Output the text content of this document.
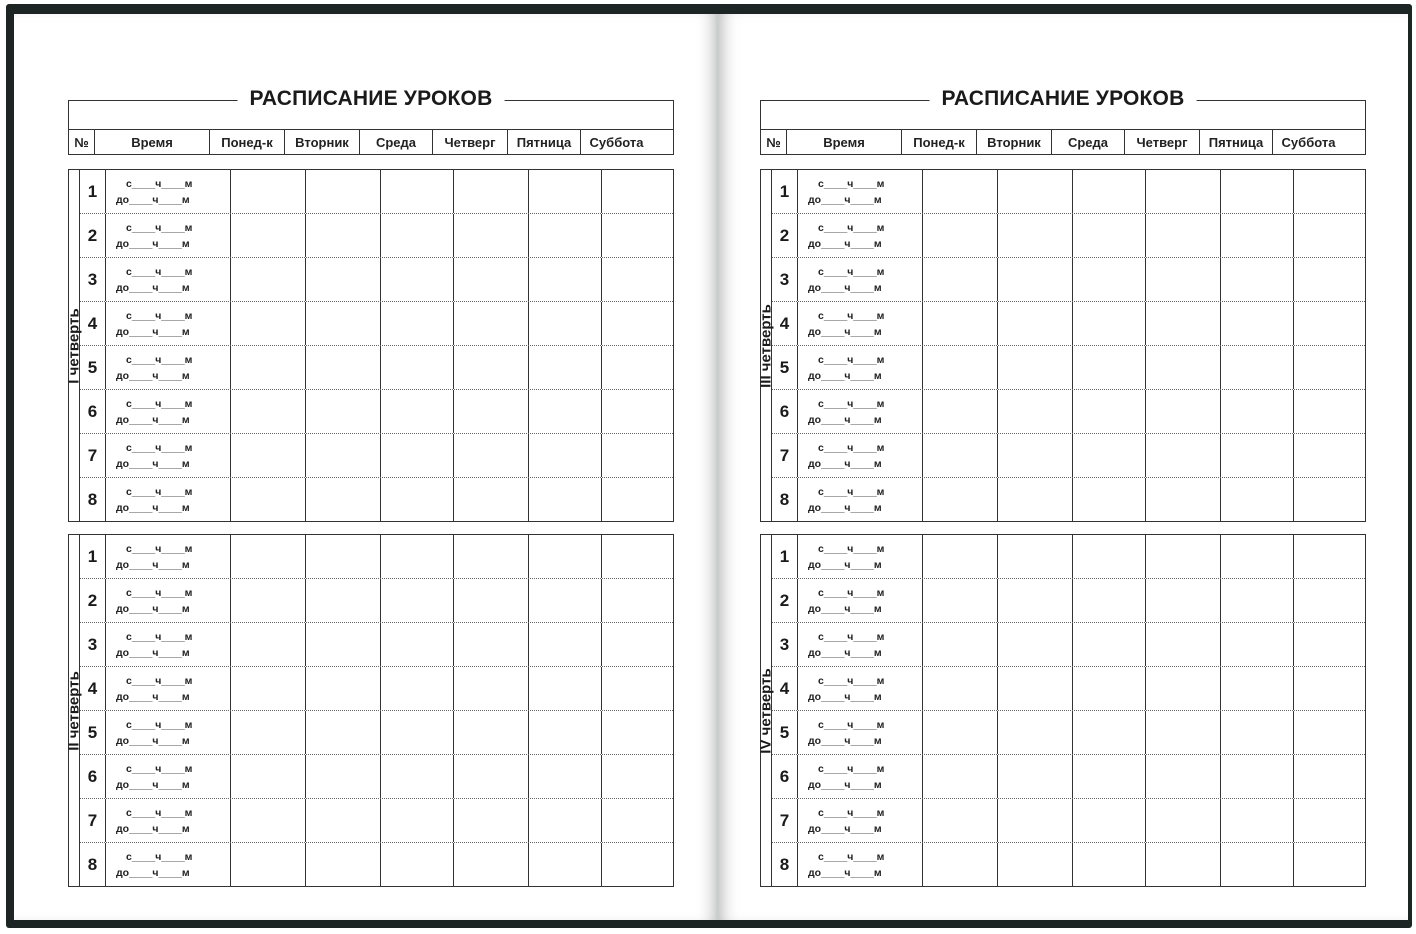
РАСПИСАНИЕ УРОКОВ
№	Время	Понед-к	Вторник	Среда	Четверг	Пятница	Суббота
I четверть
1	с____ч____м
до____ч____м
2	с____ч____м
до____ч____м
3	с____ч____м
до____ч____м
4	с____ч____м
до____ч____м
5	с____ч____м
до____ч____м
6	с____ч____м
до____ч____м
7	с____ч____м
до____ч____м
8	с____ч____м
до____ч____м
II четверть
1	с____ч____м
до____ч____м
2	с____ч____м
до____ч____м
3	с____ч____м
до____ч____м
4	с____ч____м
до____ч____м
5	с____ч____м
до____ч____м
6	с____ч____м
до____ч____м
7	с____ч____м
до____ч____м
8	с____ч____м
до____ч____м
РАСПИСАНИЕ УРОКОВ
№	Время	Понед-к	Вторник	Среда	Четверг	Пятница	Суббота
III четверть
1	с____ч____м
до____ч____м
2	с____ч____м
до____ч____м
3	с____ч____м
до____ч____м
4	с____ч____м
до____ч____м
5	с____ч____м
до____ч____м
6	с____ч____м
до____ч____м
7	с____ч____м
до____ч____м
8	с____ч____м
до____ч____м
IV четверть
1	с____ч____м
до____ч____м
2	с____ч____м
до____ч____м
3	с____ч____м
до____ч____м
4	с____ч____м
до____ч____м
5	с____ч____м
до____ч____м
6	с____ч____м
до____ч____м
7	с____ч____м
до____ч____м
8	с____ч____м
до____ч____м
